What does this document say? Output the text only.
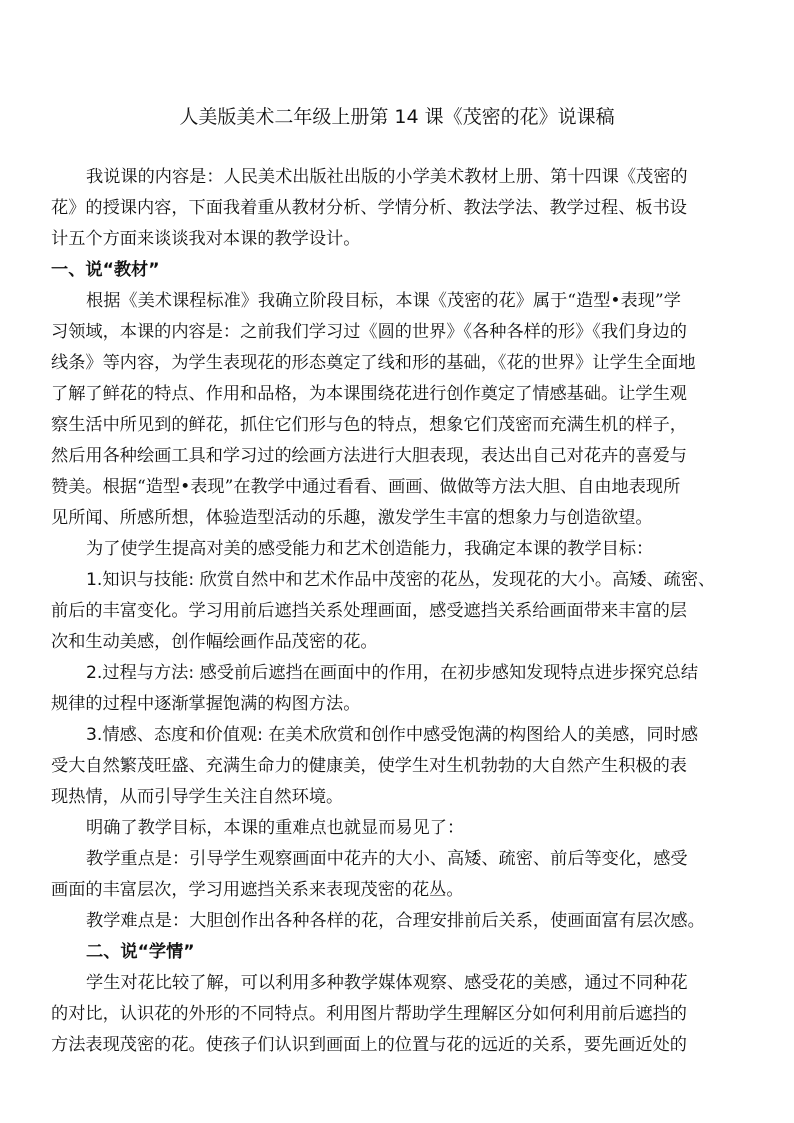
人美版美术二年级上册第 14 课《茂密的花》说课稿
我说课的内容是：人民美术出版社出版的小学美术教材上册、第十四课《茂密的
花》的授课内容，下面我着重从教材分析、学情分析、教法学法、教学过程、板书设
计五个方面来谈谈我对本课的教学设计。
一、说“教材”
根据《美术课程标准》我确立阶段目标，本课《茂密的花》属于“造型•表现”学
习领域，本课的内容是：之前我们学习过《圆的世界》《各种各样的形》《我们身边的
线条》等内容，为学生表现花的形态奠定了线和形的基础，《花的世界》让学生全面地
了解了鲜花的特点、作用和品格，为本课围绕花进行创作奠定了情感基础。让学生观
察生活中所见到的鲜花，抓住它们形与色的特点，想象它们茂密而充满生机的样子，
然后用各种绘画工具和学习过的绘画方法进行大胆表现，表达出自己对花卉的喜爱与
赞美。根据“造型•表现”在教学中通过看看、画画、做做等方法大胆、自由地表现所
见所闻、所感所想，体验造型活动的乐趣，激发学生丰富的想象力与创造欲望。
为了使学生提高对美的感受能力和艺术创造能力，我确定本课的教学目标：
1.知识与技能: 欣赏自然中和艺术作品中茂密的花丛，发现花的大小。高矮、疏密、
前后的丰富变化。学习用前后遮挡关系处理画面，感受遮挡关系给画面带来丰富的层
次和生动美感，创作幅绘画作品茂密的花。
2.过程与方法: 感受前后遮挡在画面中的作用，在初步感知发现特点进步探究总结
规律的过程中逐渐掌握饱满的构图方法。
3.情感、态度和价值观: 在美术欣赏和创作中感受饱满的构图给人的美感，同时感
受大自然繁茂旺盛、充满生命力的健康美，使学生对生机勃勃的大自然产生积极的表
现热情，从而引导学生关注自然环境。
明确了教学目标，本课的重难点也就显而易见了：
教学重点是：引导学生观察画面中花卉的大小、高矮、疏密、前后等变化，感受
画面的丰富层次，学习用遮挡关系来表现茂密的花丛。
教学难点是：大胆创作出各种各样的花，合理安排前后关系，使画面富有层次感。
二、说“学情”
学生对花比较了解，可以利用多种教学媒体观察、感受花的美感，通过不同种花
的对比，认识花的外形的不同特点。利用图片帮助学生理解区分如何利用前后遮挡的
方法表现茂密的花。使孩子们认识到画面上的位置与花的远近的关系，要先画近处的
